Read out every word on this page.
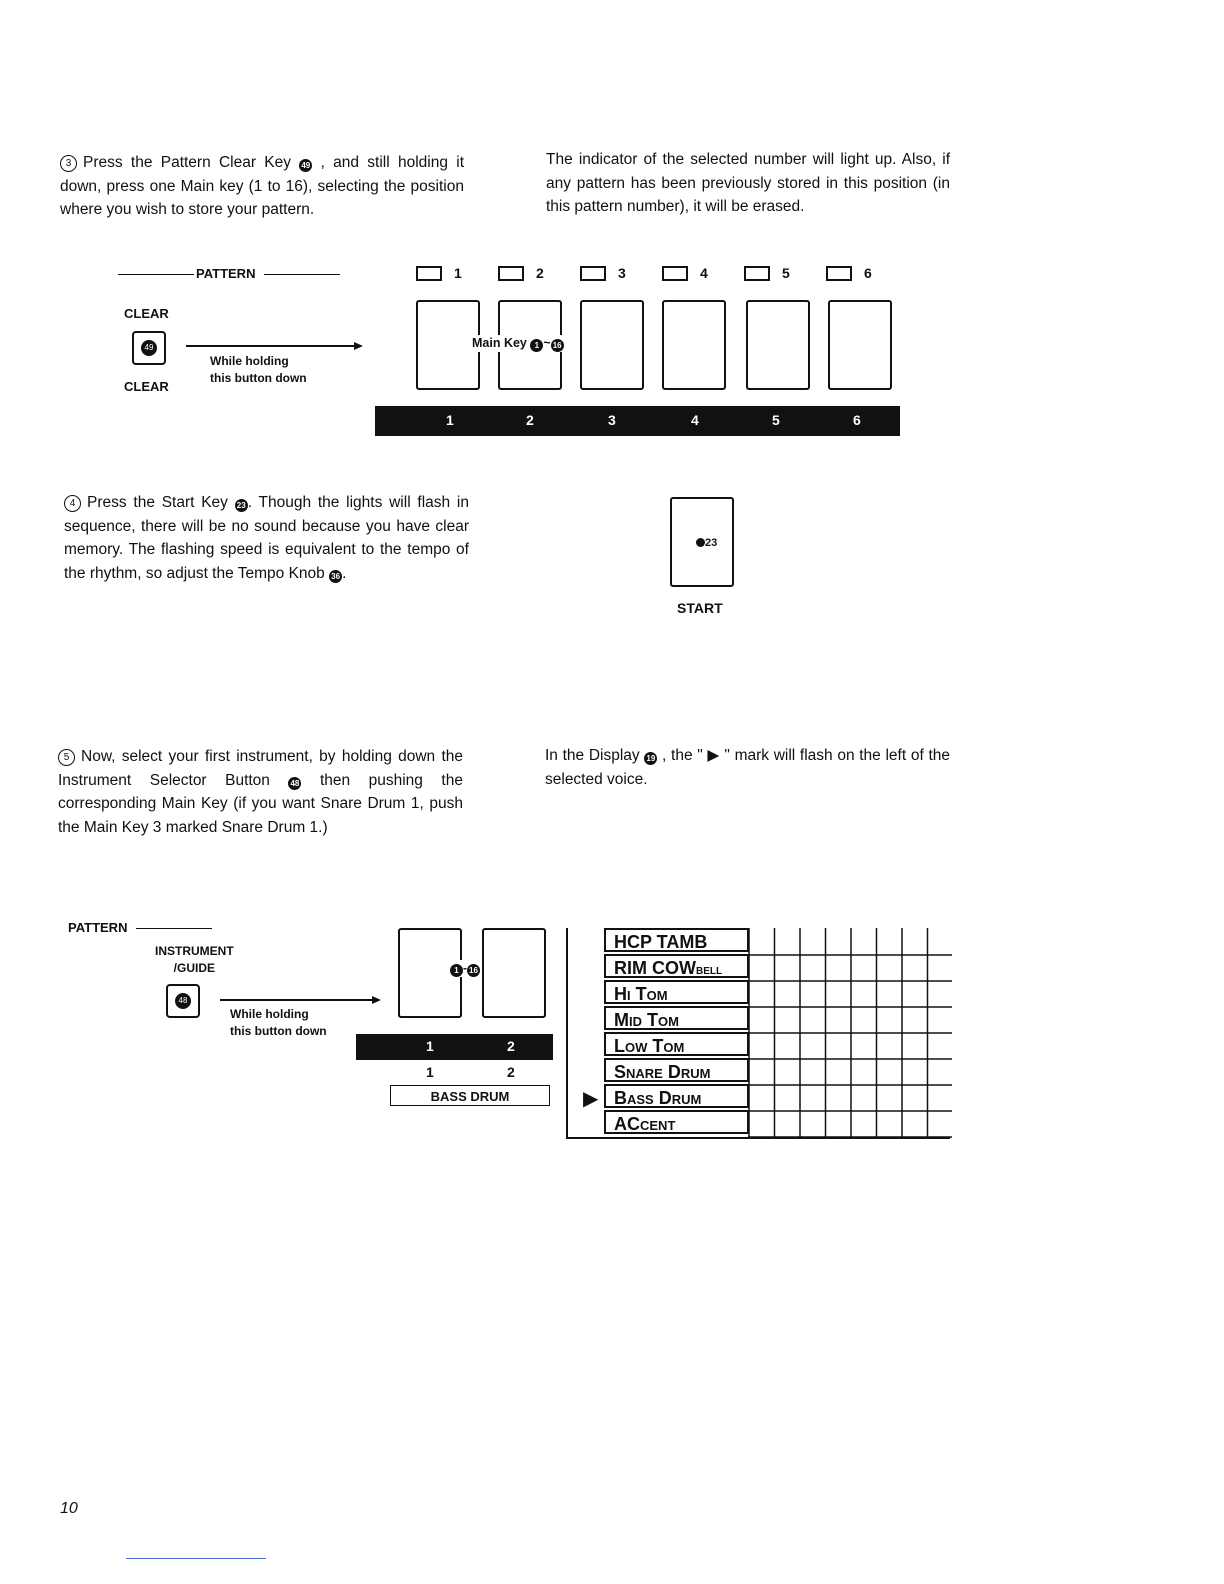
3 Press the Pattern Clear Key 49 , and still holding it down, press one Main key (1 to 16), selecting the position where you wish to store your pattern.
The indicator of the selected number will light up. Also, if any pattern has been previously stored in this position (in this pattern number), it will be erased.
PATTERN
CLEAR
49
CLEAR
While holding
this button down
1	2	3	4	5	6
Main Key 1 ~ 16
1	2	3	4	5	6
4 Press the Start Key 23 . Though the lights will flash in sequence, there will be no sound because you have clear memory. The flashing speed is equivalent to the tempo of the rhythm, so adjust the Tempo Knob 36 .
23
START
5 Now, select your first instrument, by holding down the Instrument Selector Button 48 then pushing the corresponding Main Key (if you want Snare Drum 1, push the Main Key 3 marked Snare Drum 1.)
In the Display 19 , the " ▶ " mark will flash on the left of the selected voice.
PATTERN
INSTRUMENT
/GUIDE
48
While holding
this button down
1 - 16
1	2
1	2
BASS DRUM	▶
HCP TAMB
RIM COWBELL
HI TOM
MID TOM
LOW TOM
SNARE DRUM
BASS DRUM
ACCENT
10
